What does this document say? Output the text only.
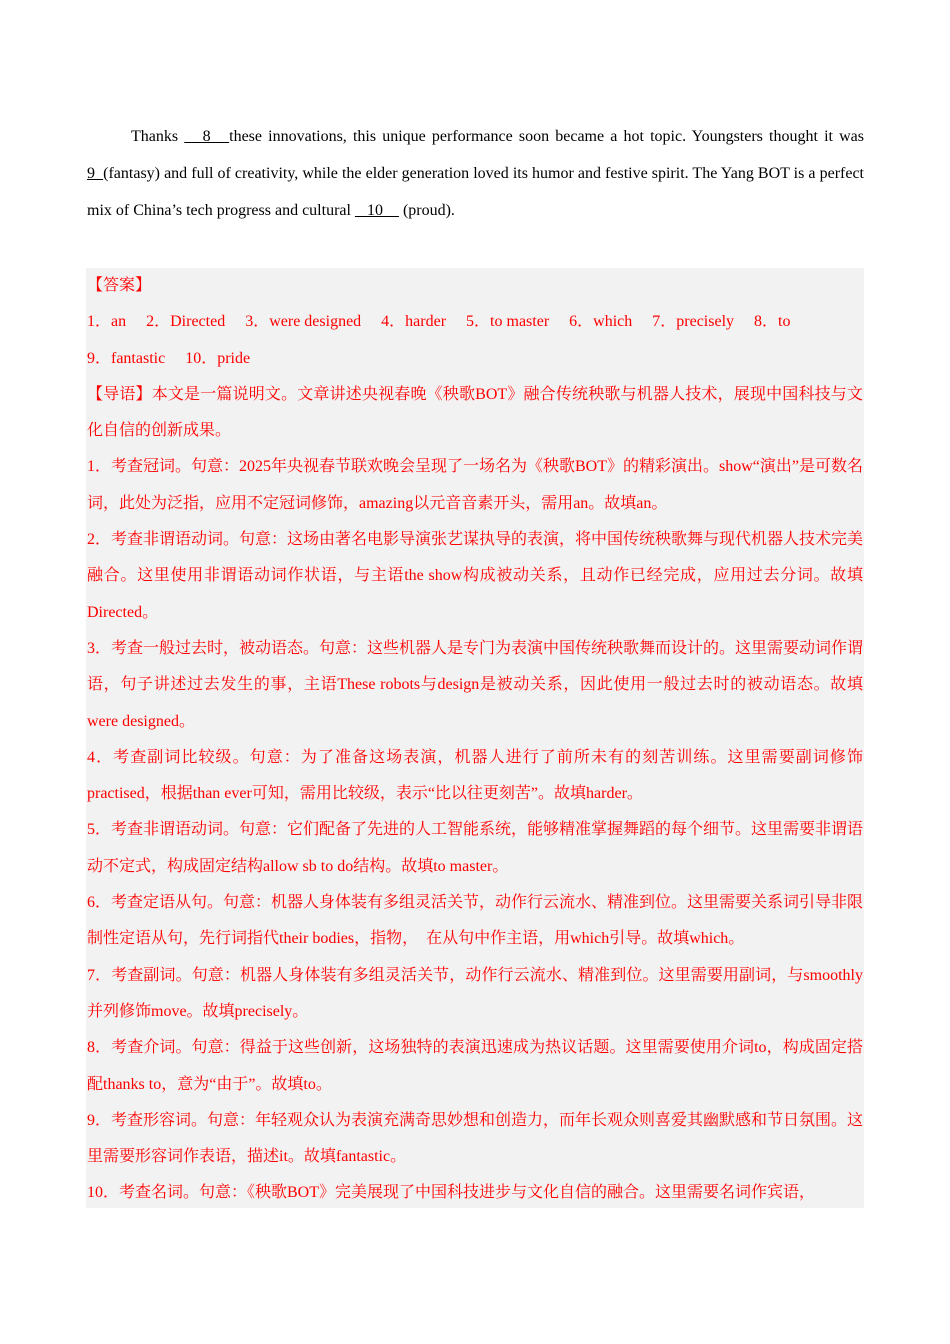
Thanks    8   these innovations, this unique performance soon became a hot topic. Youngsters thought it was 9  (fantasy) and full of creativity, while the elder generation loved its humor and festive spirit. The Yang BOT is a perfect mix of China’s tech progress and cultural    10     (proud).

【答案】

1．an 2．Directed 3．were designed 4．harder 5．to master 6．which 7．precisely 8．to

9．fantastic 10．pride

【导语】本文是一篇说明文。文章讲述央视春晚《秧歌BOT》融合传统秧歌与机器人技术，展现中国科技与文化自信的创新成果。

1．考查冠词。句意：2025年央视春节联欢晚会呈现了一场名为《秧歌BOT》的精彩演出。show“演出”是可数名词，此处为泛指，应用不定冠词修饰，amazing以元音音素开头，需用an。故填an。

2．考查非谓语动词。句意：这场由著名电影导演张艺谋执导的表演，将中国传统秧歌舞与现代机器人技术完美融合。这里使用非谓语动词作状语，与主语the show构成被动关系，且动作已经完成，应用过去分词。故填Directed。

3．考查一般过去时，被动语态。句意：这些机器人是专门为表演中国传统秧歌舞而设计的。这里需要动词作谓语，句子讲述过去发生的事，主语These robots与design是被动关系，因此使用一般过去时的被动语态。故填were designed。

4．考查副词比较级。句意：为了准备这场表演，机器人进行了前所未有的刻苦训练。这里需要副词修饰practised，根据than ever可知，需用比较级，表示“比以往更刻苦”。故填harder。

5．考查非谓语动词。句意：它们配备了先进的人工智能系统，能够精准掌握舞蹈的每个细节。这里需要非谓语动不定式，构成固定结构allow sb to do结构。故填to master。

6．考查定语从句。句意：机器人身体装有多组灵活关节，动作行云流水、精准到位。这里需要关系词引导非限制性定语从句，先行词指代their bodies，指物，　在从句中作主语，用which引导。故填which。

7．考查副词。句意：机器人身体装有多组灵活关节，动作行云流水、精准到位。这里需要用副词，与smoothly并列修饰move。故填precisely。

8．考查介词。句意：得益于这些创新，这场独特的表演迅速成为热议话题。这里需要使用介词to，构成固定搭配thanks to，意为“由于”。故填to。

9．考查形容词。句意：年轻观众认为表演充满奇思妙想和创造力，而年长观众则喜爱其幽默感和节日氛围。这里需要形容词作表语，描述it。故填fantastic。

10．考查名词。句意：《秧歌BOT》完美展现了中国科技进步与文化自信的融合。这里需要名词作宾语，
